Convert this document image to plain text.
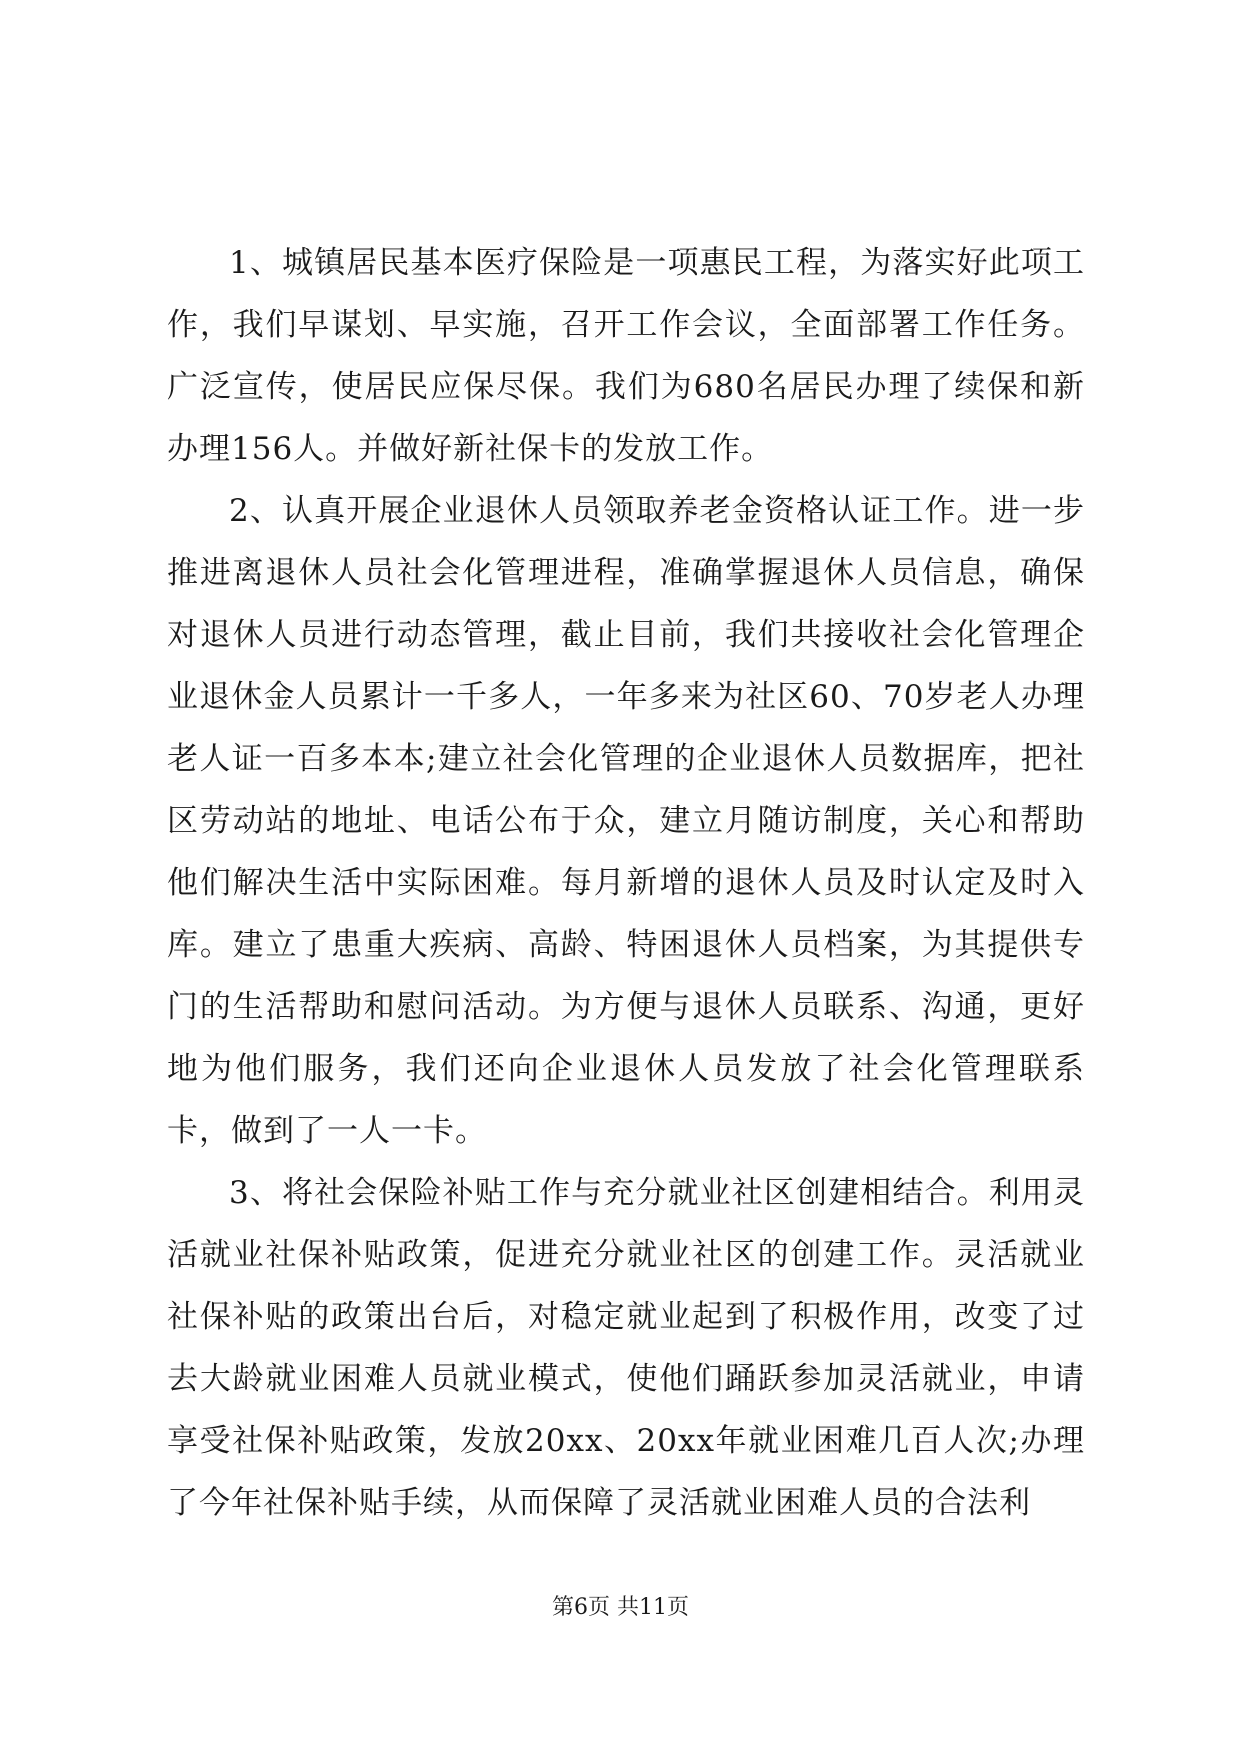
1、城镇居民基本医疗保险是一项惠民工程，为落实好此项工作，我们早谋划、早实施，召开工作会议，全面部署工作任务。广泛宣传，使居民应保尽保。我们为680名居民办理了续保和新办理156人。并做好新社保卡的发放工作。

2、认真开展企业退休人员领取养老金资格认证工作。进一步推进离退休人员社会化管理进程，准确掌握退休人员信息，确保对退休人员进行动态管理，截止目前，我们共接收社会化管理企业退休金人员累计一千多人，一年多来为社区60、70岁老人办理老人证一百多本本;建立社会化管理的企业退休人员数据库，把社区劳动站的地址、电话公布于众，建立月随访制度，关心和帮助他们解决生活中实际困难。每月新增的退休人员及时认定及时入库。建立了患重大疾病、高龄、特困退休人员档案，为其提供专门的生活帮助和慰问活动。为方便与退休人员联系、沟通，更好地为他们服务，我们还向企业退休人员发放了社会化管理联系卡，做到了一人一卡。

3、将社会保险补贴工作与充分就业社区创建相结合。利用灵活就业社保补贴政策，促进充分就业社区的创建工作。灵活就业社保补贴的政策出台后，对稳定就业起到了积极作用，改变了过去大龄就业困难人员就业模式，使他们踊跃参加灵活就业，申请享受社保补贴政策，发放20xx、20xx年就业困难几百人次;办理了今年社保补贴手续，从而保障了灵活就业困难人员的合法利

第6页 共11页
